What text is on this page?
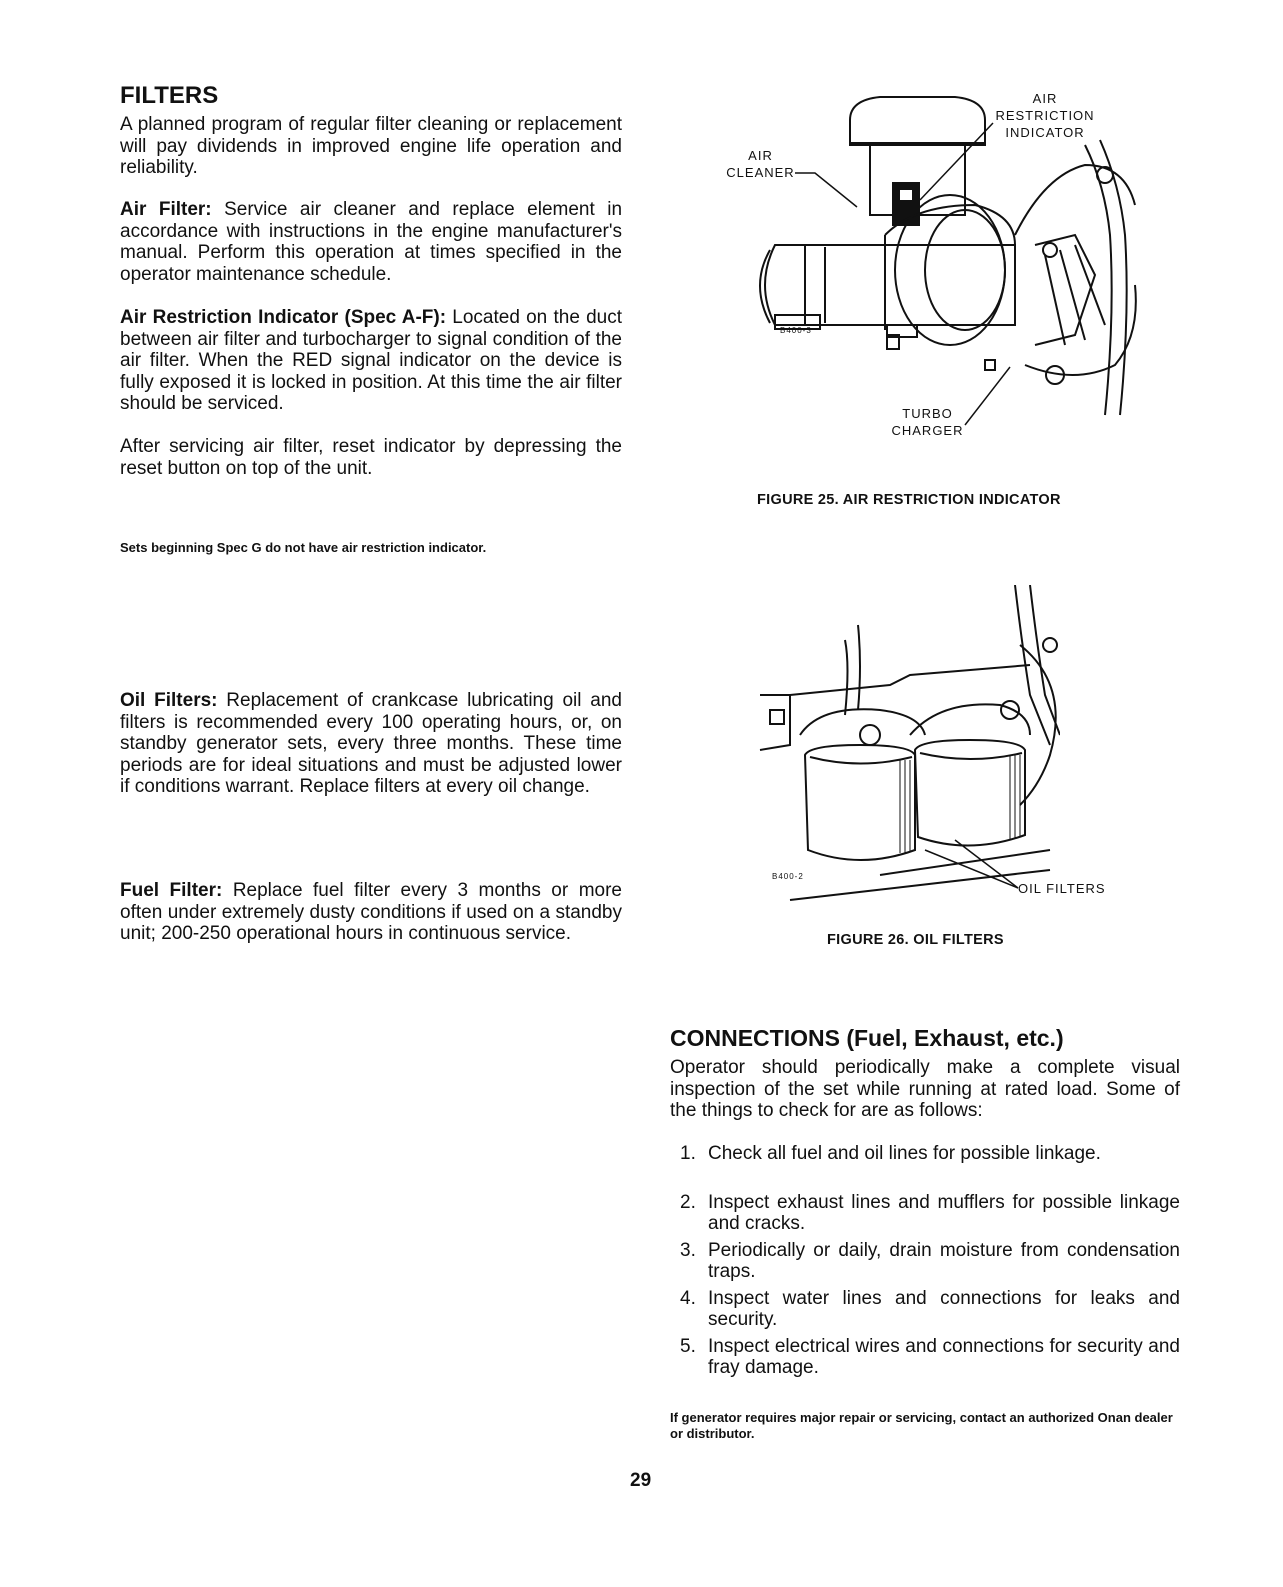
FILTERS

A planned program of regular filter cleaning or replacement will pay dividends in improved engine life operation and reliability.

Air Filter: Service air cleaner and replace element in accordance with instructions in the engine manufacturer's manual. Perform this operation at times specified in the operator maintenance schedule.

Air Restriction Indicator (Spec A-F): Located on the duct between air filter and turbocharger to signal condition of the air filter. When the RED signal indicator on the device is fully exposed it is locked in position. At this time the air filter should be serviced.

After servicing air filter, reset indicator by depressing the reset button on top of the unit.

Sets beginning Spec G do not have air restriction indicator.

Oil Filters: Replacement of crankcase lubricating oil and filters is recommended every 100 operating hours, or, on standby generator sets, every three months. These time periods are for ideal situations and must be adjusted lower if conditions warrant. Replace filters at every oil change.

Fuel Filter: Replace fuel filter every 3 months or more often under extremely dusty conditions if used on a standby unit; 200-250 operational hours in continuous service.

B400-3
AIR RESTRICTION INDICATOR
AIR CLEANER
TURBO CHARGER
FIGURE 25. AIR RESTRICTION INDICATOR
B400-2
OIL FILTERS
FIGURE 26. OIL FILTERS
CONNECTIONS (Fuel, Exhaust, etc.)

Operator should periodically make a complete visual inspection of the set while running at rated load. Some of the things to check for are as follows:

1. Check all fuel and oil lines for possible linkage.
2. Inspect exhaust lines and mufflers for possible linkage and cracks.
3. Periodically or daily, drain moisture from condensation traps.
4. Inspect water lines and connections for leaks and security.
5. Inspect electrical wires and connections for security and fray damage.

If generator requires major repair or servicing, contact an authorized Onan dealer or distributor.

29
